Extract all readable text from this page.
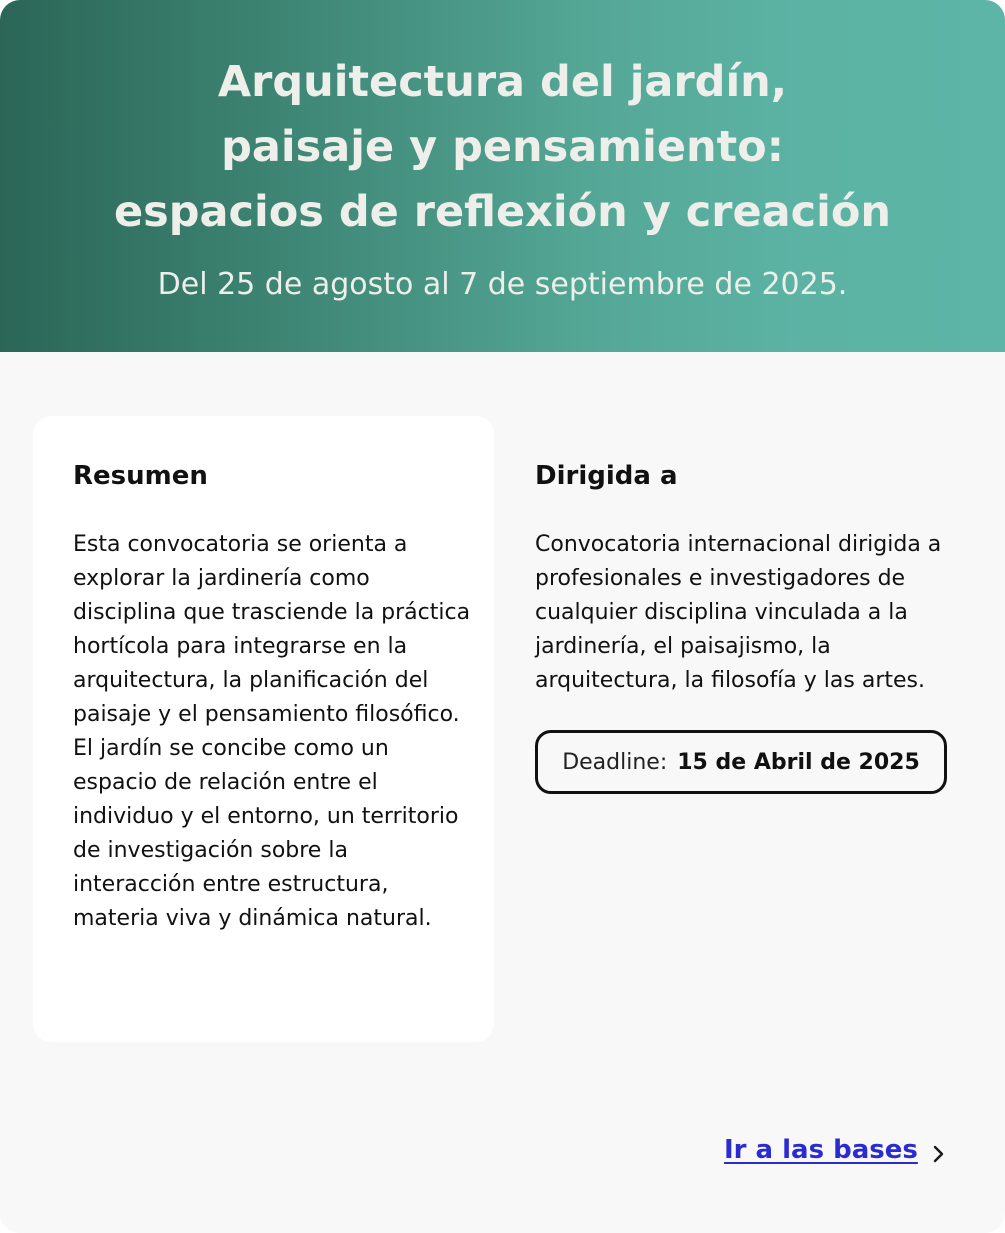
Arquitectura del jardín,
paisaje y pensamiento:
espacios de reflexión y creación
Del 25 de agosto al 7 de septiembre de 2025.
Resumen

Esta convocatoria se orienta a explorar la jardinería como disciplina que trasciende la práctica hortícola para integrarse en la arquitectura, la planificación del paisaje y el pensamiento filosófico. El jardín se concibe como un espacio de relación entre el individuo y el entorno, un territorio de investigación sobre la interacción entre estructura, materia viva y dinámica natural.

Dirigida a

Convocatoria internacional dirigida a profesionales e investigadores de cualquier disciplina vinculada a la jardinería, el paisajismo, la arquitectura, la filosofía y las artes.

Deadline: 15 de Abril de 2025
Ir a las bases
